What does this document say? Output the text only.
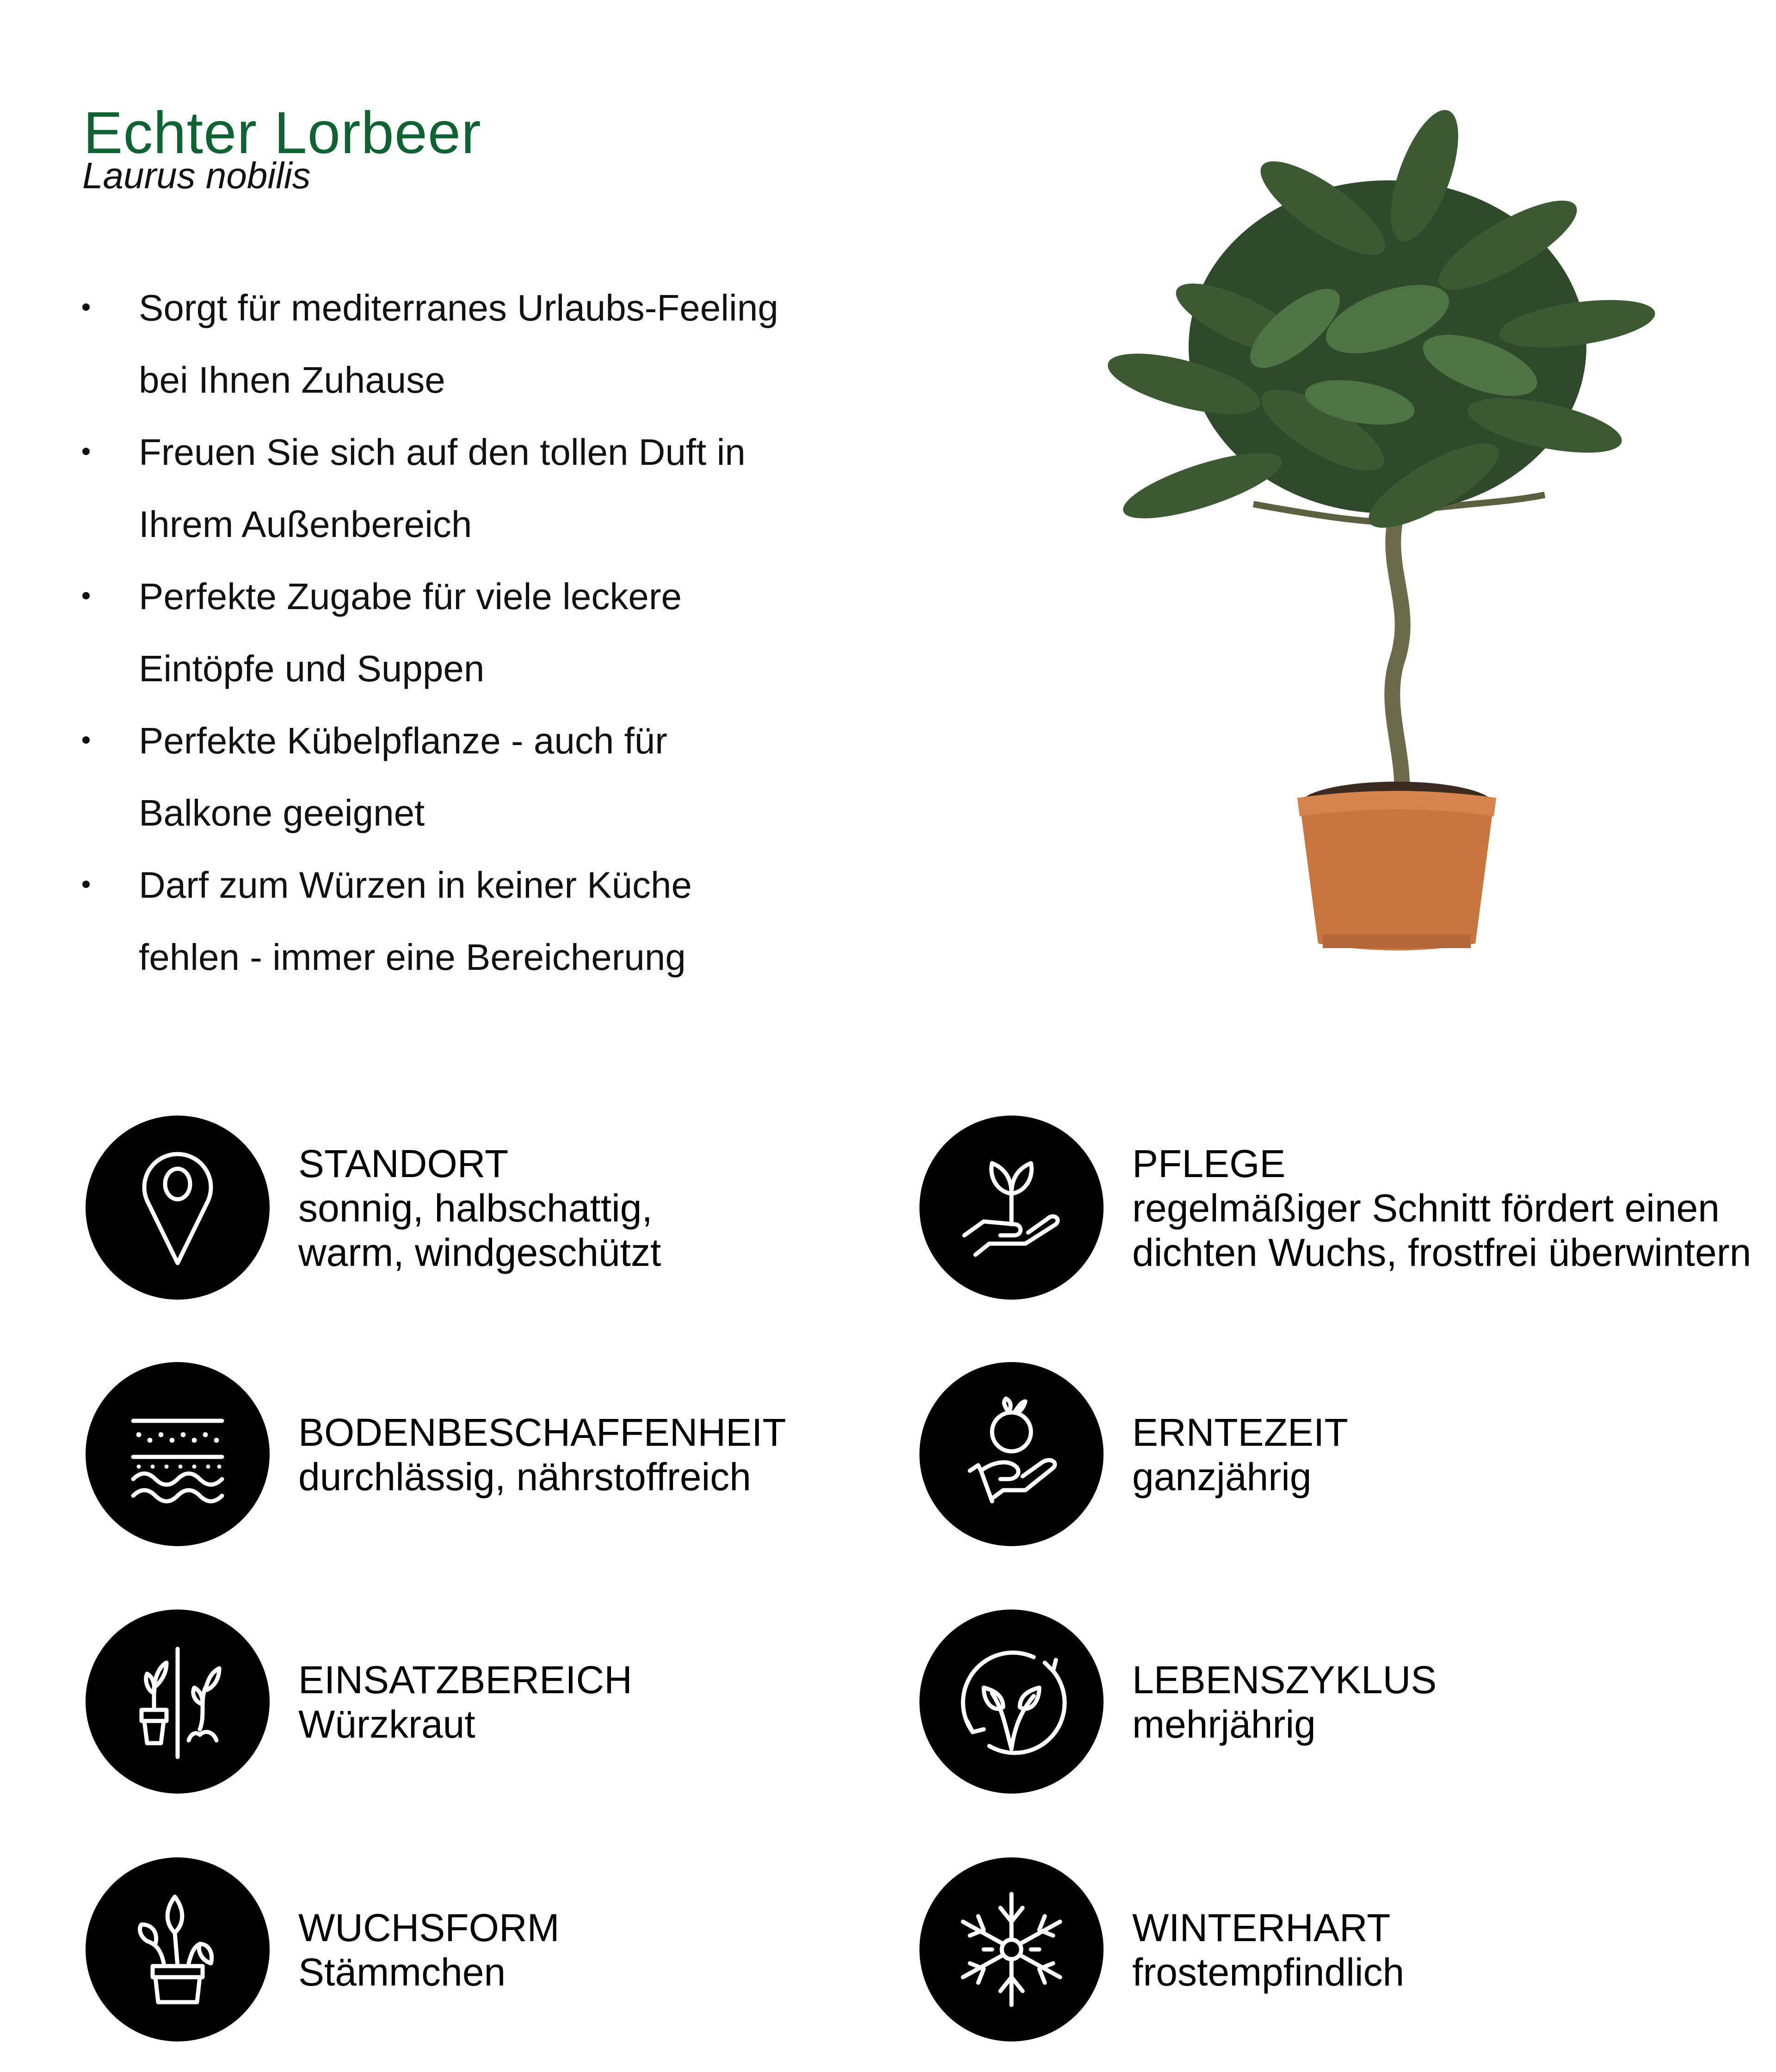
Echter Lorbeer
Laurus nobilis
Sorgt für mediterranes Urlaubs-Feeling
bei Ihnen Zuhause
Freuen Sie sich auf den tollen Duft in
Ihrem Außenbereich
Perfekte Zugabe für viele leckere
Eintöpfe und Suppen
Perfekte Kübelpflanze - auch für
Balkone geeignet
Darf zum Würzen in keiner Küche
fehlen - immer eine Bereicherung
STANDORT
sonnig, halbschattig,
warm, windgeschützt
PFLEGE
regelmäßiger Schnitt fördert einen
dichten Wuchs, frostfrei überwintern
BODENBESCHAFFENHEIT
durchlässig, nährstoffreich
ERNTEZEIT
ganzjährig
EINSATZBEREICH
Würzkraut
LEBENSZYKLUS
mehrjährig
WUCHSFORM
Stämmchen
WINTERHART
frostempfindlich
